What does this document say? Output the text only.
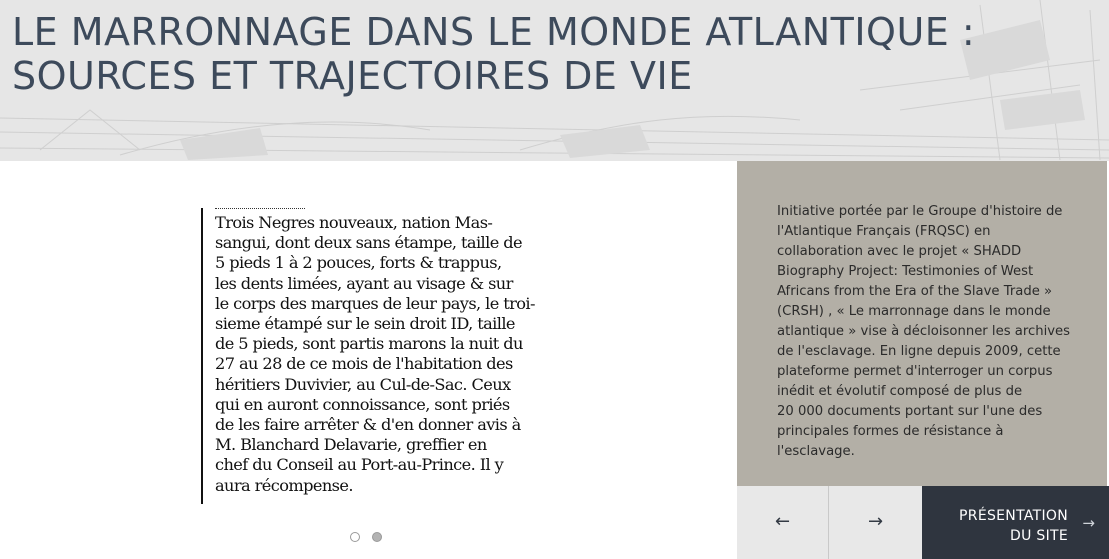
LE MARRONNAGE DANS LE MONDE ATLANTIQUE :
SOURCES ET TRAJECTOIRES DE VIE

Trois Negres nouveaux, nation Mas-
sangui, dont deux sans étampe, taille de
5 pieds 1 à 2 pouces, forts & trappus,
les dents limées, ayant au visage & sur
le corps des marques de leur pays, le troi-
sieme étampé sur le sein droit ID, taille
de 5 pieds, sont partis marons la nuit du
27 au 28 de ce mois de l'habitation des
héritiers Duvivier, au Cul-de-Sac. Ceux
qui en auront connoissance, sont priés
de les faire arrêter & d'en donner avis à
M. Blanchard Delavarie, greffier en
chef du Conseil au Port-au-Prince. Il y
aura récompense.

Initiative portée par le Groupe d'histoire de
l'Atlantique Français (FRQSC) en
collaboration avec le projet « SHADD
Biography Project: Testimonies of West
Africans from the Era of the Slave Trade »
(CRSH) , « Le marronnage dans le monde
atlantique » vise à décloisonner les archives
de l'esclavage. En ligne depuis 2009, cette
plateforme permet d'interroger un corpus
inédit et évolutif composé de plus de
20 000 documents portant sur l'une des
principales formes de résistance à
l'esclavage.

←	→	PRÉSENTATION
DU SITE
→
